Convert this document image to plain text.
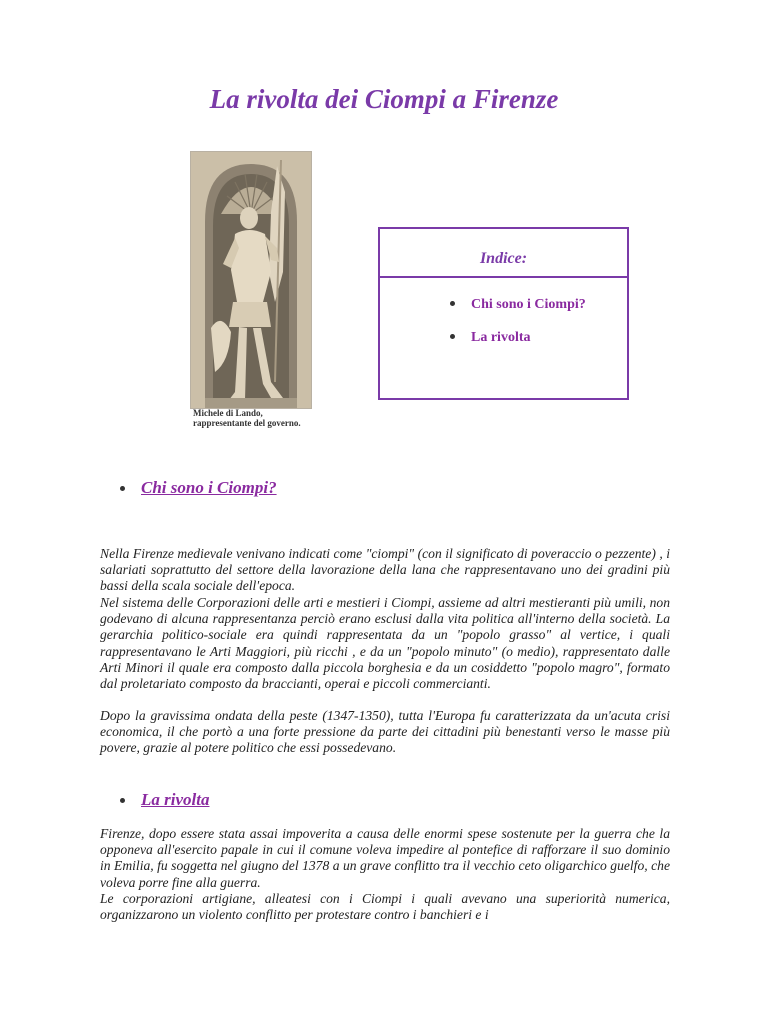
La rivolta dei Ciompi a Firenze
Michele di Lando,
rappresentante del governo.
Indice:
Chi sono i Ciompi?
La rivolta
Chi sono i Ciompi?

Nella Firenze medievale venivano indicati come "ciompi" (con il significato di poveraccio o pezzente) , i salariati soprattutto del settore della lavorazione della lana che rappresentavano uno dei gradini più bassi della scala sociale dell'epoca.

Nel sistema delle Corporazioni delle arti e mestieri i Ciompi, assieme ad altri mestieranti più umili, non godevano di alcuna rappresentanza perciò erano esclusi dalla vita politica all'interno della società. La gerarchia politico-sociale era quindi rappresentata da un "popolo grasso" al vertice, i quali rappresentavano le Arti Maggiori, più ricchi , e da un "popolo minuto" (o medio), rappresentato dalle Arti Minori il quale era composto dalla piccola borghesia e da un cosiddetto "popolo magro", formato dal proletariato composto da braccianti, operai e piccoli commercianti.

Dopo la gravissima ondata della peste (1347-1350), tutta l'Europa fu caratterizzata da un'acuta crisi economica, il che portò a una forte pressione da parte dei cittadini più benestanti verso le masse più povere, grazie al potere politico che essi possedevano.

La rivolta

Firenze, dopo essere stata assai impoverita a causa delle enormi spese sostenute per la guerra che la opponeva all'esercito papale in cui il comune voleva impedire al pontefice di rafforzare il suo dominio in Emilia, fu soggetta nel giugno del 1378 a un grave conflitto tra il vecchio ceto oligarchico guelfo, che voleva porre fine alla guerra.

Le corporazioni artigiane, alleatesi con i Ciompi i quali avevano una superiorità numerica, organizzarono un violento conflitto per protestare contro i banchieri e i
